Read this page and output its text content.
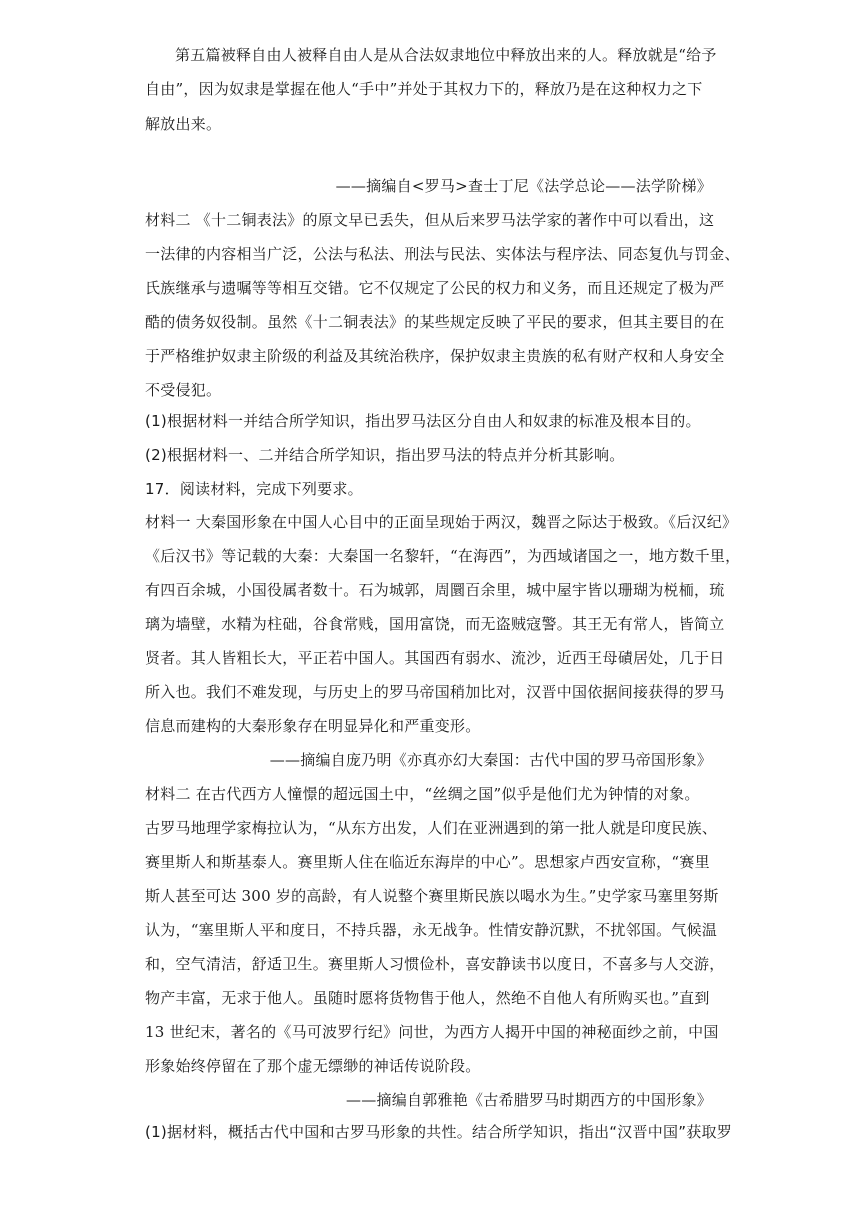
第五篇被释自由人被释自由人是从合法奴隶地位中释放出来的人。释放就是“给予
自由”，因为奴隶是掌握在他人“手中”并处于其权力下的，释放乃是在这种权力之下
解放出来。
——摘编自<罗马>查士丁尼《法学总论——法学阶梯》
材料二 《十二铜表法》的原文早已丢失，但从后来罗马法学家的著作中可以看出，这
一法律的内容相当广泛，公法与私法、刑法与民法、实体法与程序法、同态复仇与罚金、
氏族继承与遗嘱等等相互交错。它不仅规定了公民的权力和义务，而且还规定了极为严
酷的债务奴役制。虽然《十二铜表法》的某些规定反映了平民的要求，但其主要目的在
于严格维护奴隶主阶级的利益及其统治秩序，保护奴隶主贵族的私有财产权和人身安全
不受侵犯。
(1)根据材料一并结合所学知识，指出罗马法区分自由人和奴隶的标准及根本目的。
(2)根据材料一、二并结合所学知识，指出罗马法的特点并分析其影响。
17．阅读材料，完成下列要求。
材料一 大秦国形象在中国人心目中的正面呈现始于两汉，魏晋之际达于极致。《后汉纪》
《后汉书》等记载的大秦：大秦国一名黎轩，“在海西”，为西域诸国之一，地方数千里，
有四百余城，小国役属者数十。石为城郭，周圜百余里，城中屋宇皆以珊瑚为棁栭，琉
璃为墙壁，水精为柱础，谷食常贱，国用富饶，而无盗贼寇警。其王无有常人，皆简立
贤者。其人皆粗长大，平正若中国人。其国西有弱水、流沙，近西王母磧居处，几于日
所入也。我们不难发现，与历史上的罗马帝国稍加比对，汉晋中国依据间接获得的罗马
信息而建构的大秦形象存在明显异化和严重变形。
——摘编自庞乃明《亦真亦幻大秦国：古代中国的罗马帝国形象》
材料二 在古代西方人憧憬的超远国土中，“丝绸之国”似乎是他们尤为钟情的对象。
古罗马地理学家梅拉认为，“从东方出发，人们在亚洲遇到的第一批人就是印度民族、
赛里斯人和斯基泰人。赛里斯人住在临近东海岸的中心”。思想家卢西安宣称，“赛里
斯人甚至可达 300 岁的高龄，有人说整个赛里斯民族以喝水为生。”史学家马塞里努斯
认为，“塞里斯人平和度日，不持兵器，永无战争。性情安静沉默，不扰邻国。气候温
和，空气清洁，舒适卫生。赛里斯人习惯俭朴，喜安静读书以度日，不喜多与人交游，
物产丰富，无求于他人。虽随时愿将货物售于他人，然绝不自他人有所购买也。”直到
13 世纪末，著名的《马可波罗行纪》问世，为西方人揭开中国的神秘面纱之前，中国
形象始终停留在了那个虚无缥缈的神话传说阶段。
——摘编自郭雅艳《古希腊罗马时期西方的中国形象》
(1)据材料，概括古代中国和古罗马形象的共性。结合所学知识，指出“汉晋中国”获取罗
